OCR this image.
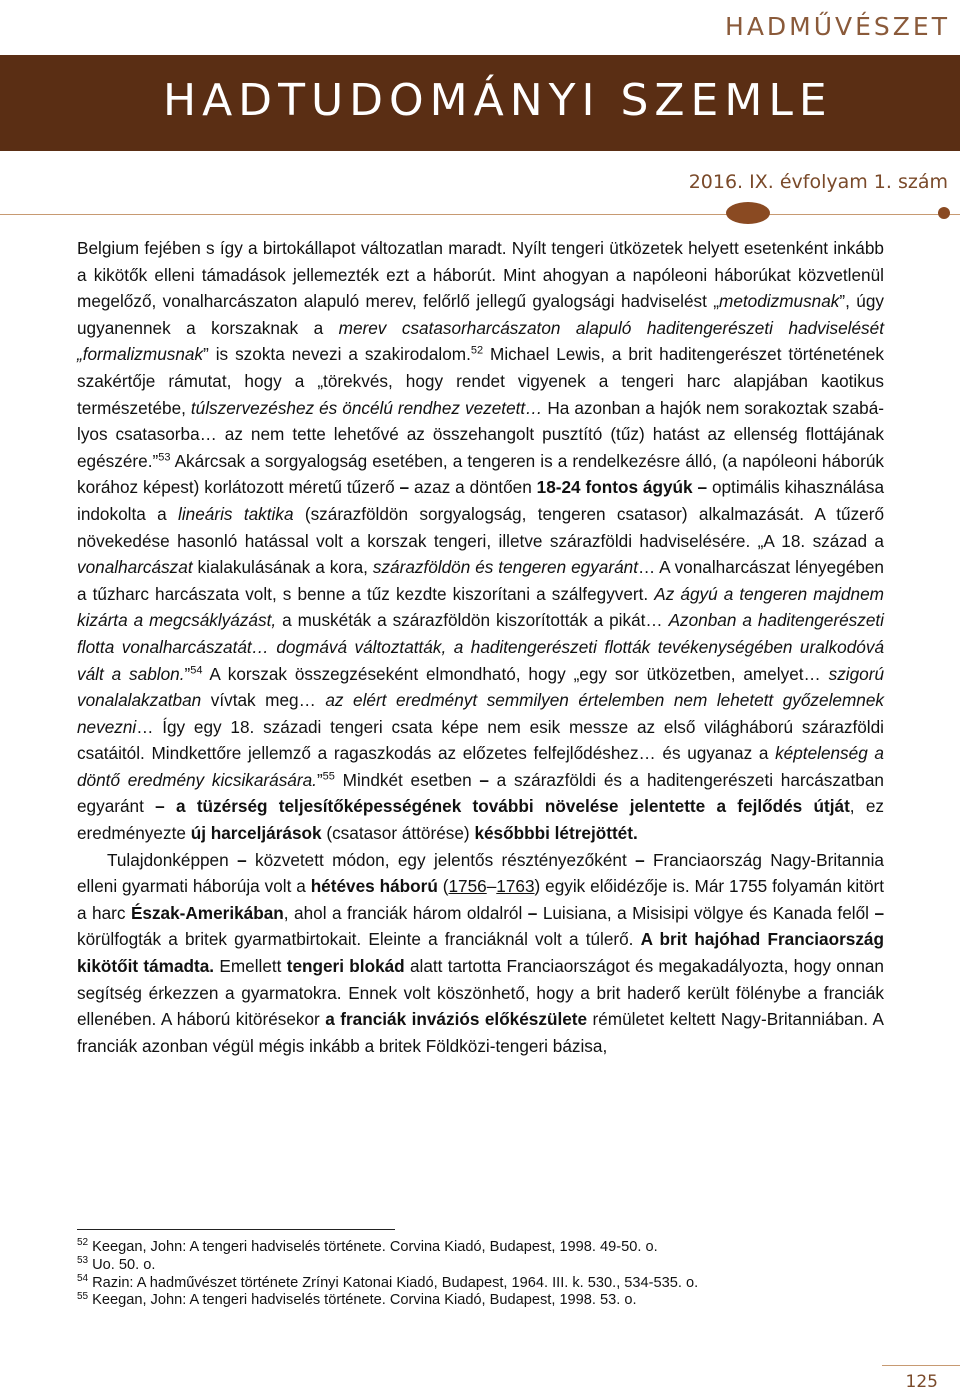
HADMŰVÉSZET
HADTUDOMÁNYI SZEMLE
2016. IX. évfolyam 1. szám

Belgium fejében s így a birtokállapot változatlan maradt. Nyílt tengeri ütközetek helyett esetenként inkább a kikötők elleni támadások jellemezték ezt a háborút. Mint ahogyan a napóleoni háborúkat közvetlenül megelőző, vonalharcászaton alapuló merev, felőrlő jellegű gyalogsági hadviselést „metodizmusnak”, úgy ugyanennek a korszaknak a merev csatasorharcászaton alapuló haditengerészeti hadviselését „formalizmusnak” is szokta nevezi a szakirodalom.$^{52}$ Michael Lewis, a brit haditengerészet történetének szakértője rámutat, hogy a „törekvés, hogy rendet vigyenek a tengeri harc alapjában kaotikus természetébe, túlszervezéshez és öncélú rendhez vezetett… Ha azonban a hajók nem sorakoztak szabályos csatasorba… az nem tette lehetővé az összehangolt pusztító (tűz) hatást az ellenség flottájának egészére.”$^{53}$ Akárcsak a sorgyalogság esetében, a tengeren is a rendelkezésre álló, (a napóleoni háborúk korához képest) korlátozott méretű tűzerő – azaz a döntően 18-24 fontos ágyúk – optimális kihasználása indokolta a lineáris taktika (szárazföldön sorgyalogság, tengeren csatasor) alkalmazását. A tűzerő növekedése hasonló hatással volt a korszak tengeri, illetve szárazföldi hadviselésére. „A 18. század a vonalharcászat kialakulásának a kora, szárazföldön és tengeren egyaránt… A vonalharcászat lényegében a tűzharc harcászata volt, s benne a tűz kezdte kiszorítani a szálfegyvert. Az ágyú a tengeren majdnem kizárta a megcsáklyázást, a muskéták a szárazföldön kiszorították a pikát… Azonban a haditengerészeti flotta vonalharcászatát… dogmává változtatták, a haditengerészeti flották tevékenységében uralkodóvá vált a sablon.”$^{54}$ A korszak összegzéseként elmondható, hogy „egy sor ütközetben, amelyet… szigorú vonalalakzatban vívtak meg… az elért eredményt semmilyen értelemben nem lehetett győzelemnek nevezni… Így egy 18. századi tengeri csata képe nem esik messze az első világháború szárazföldi csatáitól. Mindkettőre jellemző a ragaszkodás az előzetes felfejlődéshez… és ugyanaz a képtelenség a döntő eredmény kicsikarására.”$^{55}$ Mindkét esetben – a szárazföldi és a haditengerészeti harcászatban egyaránt – a tüzérség teljesítőképességének további növelése jelentette a fejlődés útját, ez eredményezte új harceljárások (csatasor áttörése) későbbbi létrejöttét.

Tulajdonképpen – közvetett módon, egy jelentős résztényezőként – Franciaország Nagy-Britannia elleni gyarmati háborúja volt a hétéves háború (1756–1763) egyik előidézője is. Már 1755 folyamán kitört a harc Észak-Amerikában, ahol a franciák három oldalról – Luisiana, a Misisipi völgye és Kanada felől – körülfogták a britek gyarmatbirtokait. Eleinte a franciáknál volt a túlerő. A brit hajóhad Franciaország kikötőit támadta. Emellett tengeri blokád alatt tartotta Franciaországot és megakadályozta, hogy onnan segítség érkezzen a gyarmatokra. Ennek volt köszönhető, hogy a brit haderő került fölénybe a franciák ellenében. A háború kitörésekor a franciák inváziós előkészülete rémületet keltett Nagy-Britanniában. A franciák azonban végül mégis inkább a britek Földközi-tengeri bázisa,

$^{52}$ Keegan, John: A tengeri hadviselés története. Corvina Kiadó, Budapest, 1998. 49-50. o.
$^{53}$ Uo. 50. o.
$^{54}$ Razin: A hadművészet története Zrínyi Katonai Kiadó, Budapest, 1964. III. k. 530., 534-535. o.
$^{55}$ Keegan, John: A tengeri hadviselés története. Corvina Kiadó, Budapest, 1998. 53. o.
125
